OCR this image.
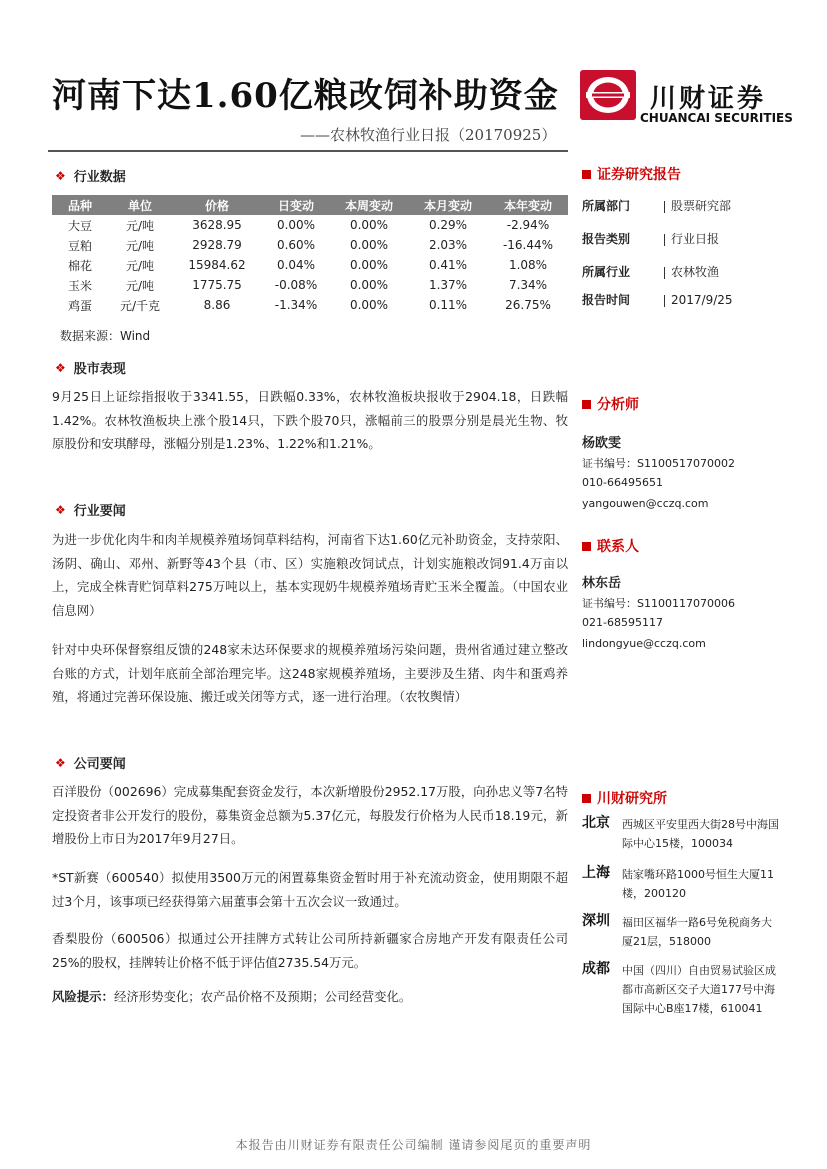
河南下达1.60亿粮改饲补助资金
——农林牧渔行业日报（20170925）
川财证券
CHUANCAI SECURITIES
❖ 行业数据
品种	单位	价格	日变动	本周变动	本月变动	本年变动
大豆	元/吨	3628.95	0.00%	0.00%	0.29%	-2.94%
豆粕	元/吨	2928.79	0.60%	0.00%	2.03%	-16.44%
棉花	元/吨	15984.62	0.04%	0.00%	0.41%	1.08%
玉米	元/吨	1775.75	-0.08%	0.00%	1.37%	7.34%
鸡蛋	元/千克	8.86	-1.34%	0.00%	0.11%	26.75%
数据来源：Wind
❖ 股市表现
9月25日上证综指报收于3341.55，日跌幅0.33%，农林牧渔板块报收于2904.18，日跌幅1.42%。农林牧渔板块上涨个股14只，下跌个股70只，涨幅前三的股票分别是晨光生物、牧原股份和安琪酵母，涨幅分别是1.23%、1.22%和1.21%。
❖ 行业要闻
为进一步优化肉牛和肉羊规模养殖场饲草料结构，河南省下达1.60亿元补助资金，支持荥阳、汤阴、确山、邓州、新野等43个县（市、区）实施粮改饲试点，计划实施粮改饲91.4万亩以上，完成全株青贮饲草料275万吨以上，基本实现奶牛规模养殖场青贮玉米全覆盖。（中国农业信息网）
针对中央环保督察组反馈的248家未达环保要求的规模养殖场污染问题，贵州省通过建立整改台账的方式，计划年底前全部治理完毕。这248家规模养殖场，主要涉及生猪、肉牛和蛋鸡养殖，将通过完善环保设施、搬迁或关闭等方式，逐一进行治理。（农牧舆情）
❖ 公司要闻
百洋股份（002696）完成募集配套资金发行，本次新增股份2952.17万股，向孙忠义等7名特定投资者非公开发行的股份，募集资金总额为5.37亿元，每股发行价格为人民币18.19元，新增股份上市日为2017年9月27日。
*ST新赛（600540）拟使用3500万元的闲置募集资金暂时用于补充流动资金，使用期限不超过3个月，该事项已经获得第六届董事会第十五次会议一致通过。
香梨股份（600506）拟通过公开挂牌方式转让公司所持新疆家合房地产开发有限责任公司25%的股权，挂牌转让价格不低于评估值2735.54万元。
风险提示：经济形势变化；农产品价格不及预期；公司经营变化。
证券研究报告
所属部门	股票研究部
报告类别	行业日报
所属行业	农林牧渔
报告时间	2017/9/25
分析师
杨欧雯
证书编号：S1100517070002
010-66495651
yangouwen@cczq.com
联系人
林东岳
证书编号：S1100117070006
021-68595117
lindongyue@cczq.com
川财研究所
北京 西城区平安里西大街28号中海国际中心15楼，100034
上海 陆家嘴环路1000号恒生大厦11楼，200120
深圳 福田区福华一路6号免税商务大厦21层，518000
成都 中国（四川）自由贸易试验区成都市高新区交子大道177号中海国际中心B座17楼，610041
本报告由川财证券有限责任公司编制 谨请参阅尾页的重要声明
